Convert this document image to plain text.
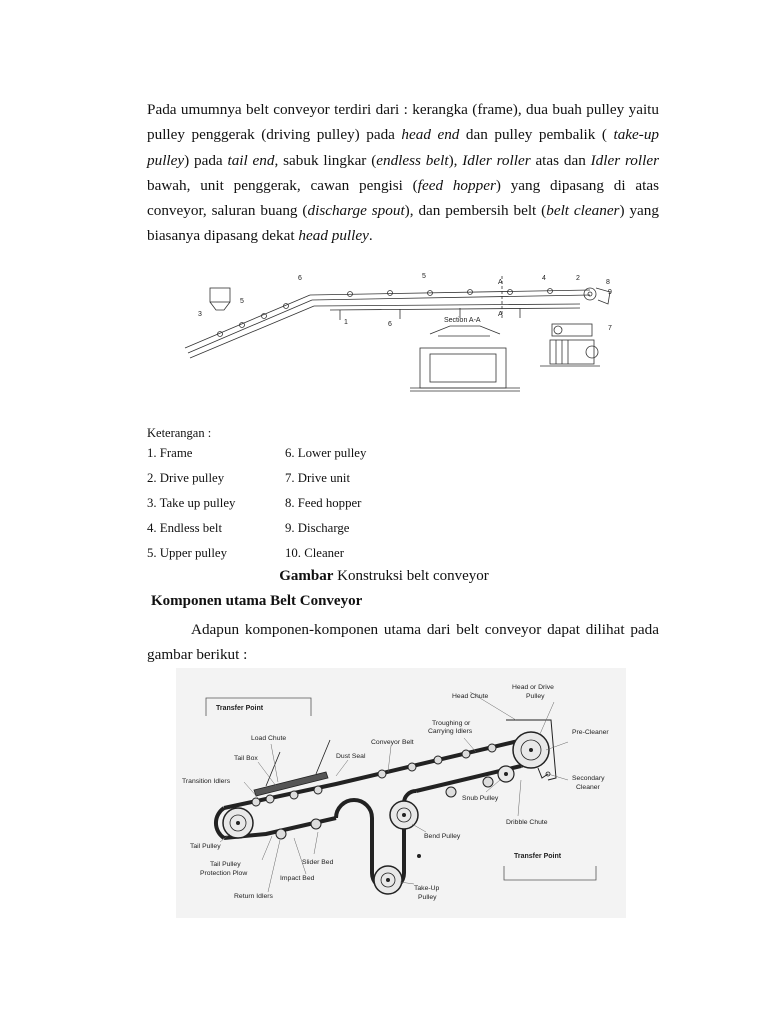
Pada umumnya belt conveyor terdiri dari : kerangka (frame), dua buah pulley yaitu pulley penggerak (driving pulley) pada head end dan pulley pembalik ( take-up pulley) pada tail end, sabuk lingkar (endless belt), Idler roller atas dan Idler roller bawah, unit penggerak, cawan pengisi (feed hopper) yang dipasang di atas conveyor, saluran buang (discharge spout), dan pembersih belt (belt cleaner) yang biasanya dipasang dekat head pulley.
6	5	4	2
8
9
5
3
1	6
7
A
A
Section A-A
Keterangan :
1. Frame
2. Drive pulley
3. Take up pulley
4. Endless belt
5. Upper pulley
6. Lower pulley
7. Drive unit
8. Feed hopper
9. Discharge
10. Cleaner
Gambar Konstruksi belt conveyor
Komponen utama Belt Conveyor
Adapun komponen-komponen utama dari belt conveyor dapat dilihat pada gambar berikut :
Transfer Point
Load Chute
Tail Box
Transition Idlers
Dust Seal
Conveyor Belt
Troughing or
Carrying Idlers
Head Chute
Head or Drive
Pulley
Pre-Cleaner
Secondary
Cleaner
Snub Pulley
Dribble Chute
Transfer Point
Bend Pulley
Take-Up
Pulley
Tail Pulley
Tail Pulley
Protection Plow
Impact Bed
Slider Bed
Return Idlers
